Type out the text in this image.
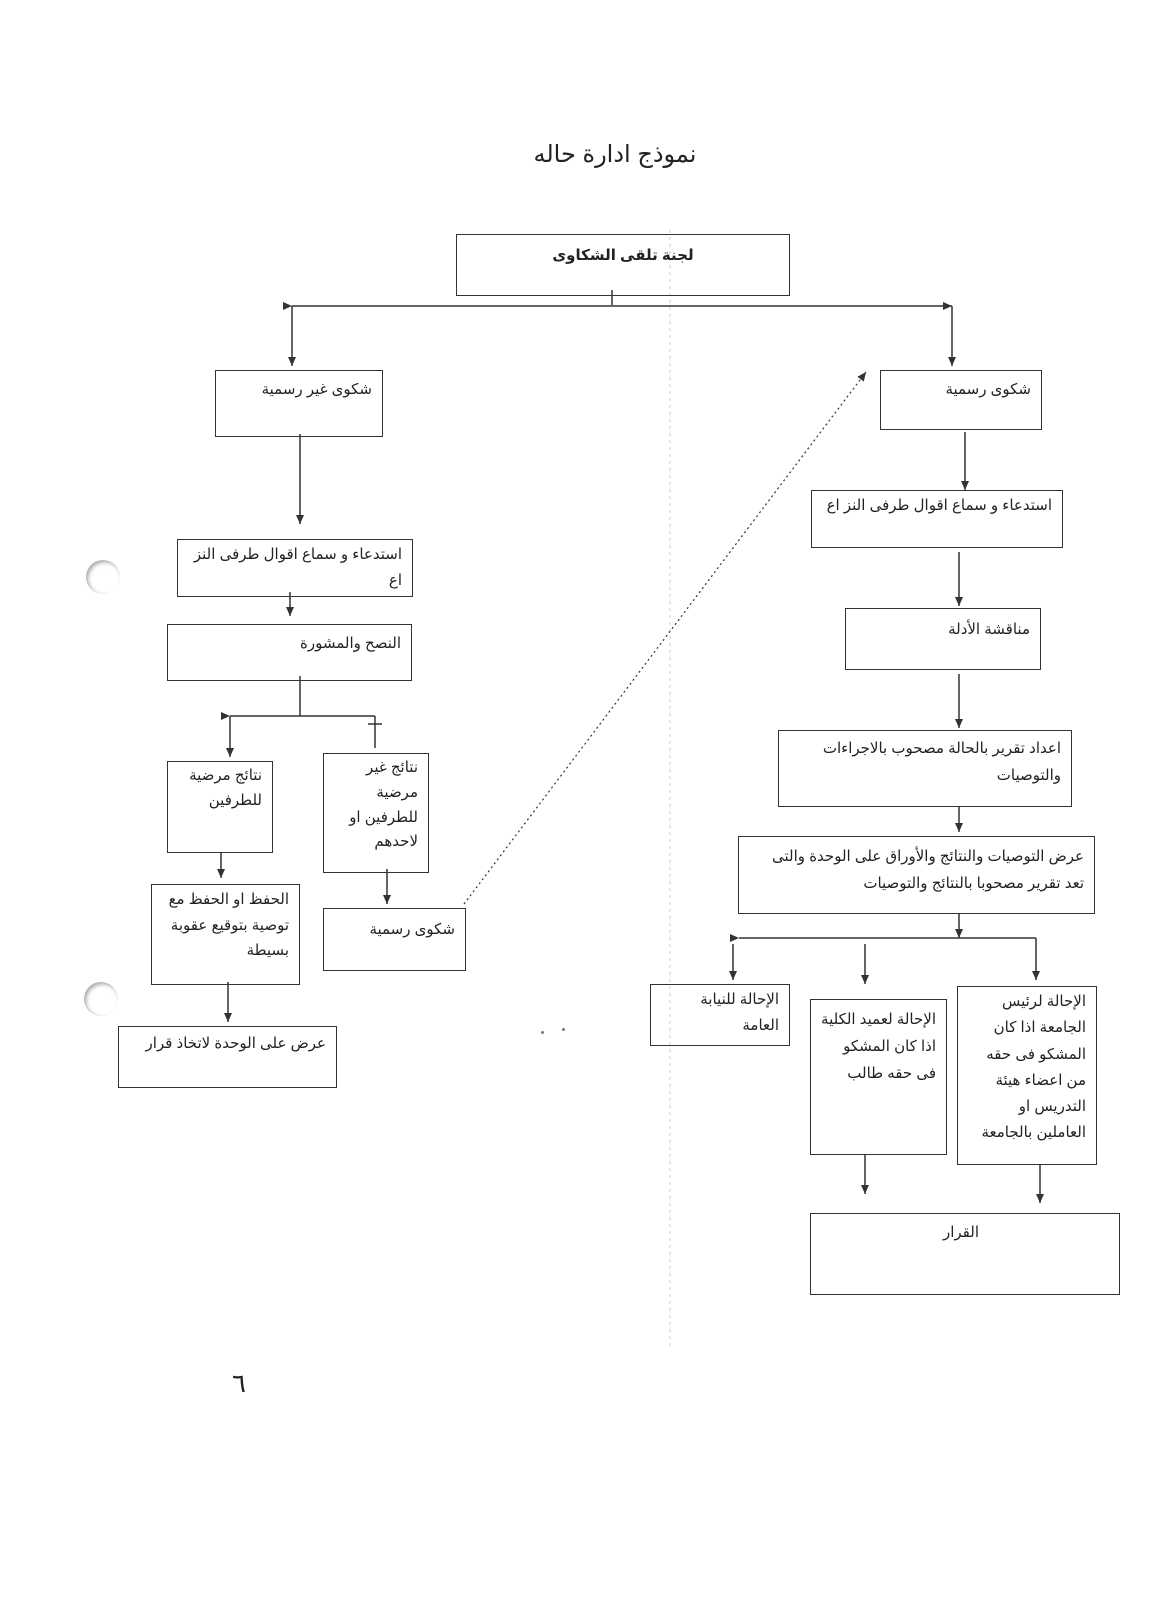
نموذج ادارة حاله
لجنة تلقى الشكاوى
شكوى غير رسمية
استدعاء و سماع اقوال طرفى النز اع
النصح والمشورة
نتائج مرضية للطرفين
نتائج غير مرضية للطرفين او لاحدهم
الحفظ او الحفظ مع توصية بتوقيع عقوبة بسيطة
شكوى رسمية
عرض على الوحدة لاتخاذ قرار
شكوى رسمية
استدعاء و سماع اقوال طرفى النز اع
مناقشة الأدلة
اعداد تقرير بالحالة مصحوب بالاجراءات والتوصيات
عرض التوصيات والنتائج والأوراق على الوحدة والتى تعد تقرير مصحوبا بالنتائج والتوصيات
الإحالة للنيابة العامة	الإحالة لعميد الكلية اذا كان المشكو فى حقه طالب
الإحالة لرئيس الجامعة اذا كان المشكو فى حقه من اعضاء هيئة التدريس او العاملين بالجامعة
القرار
٦
